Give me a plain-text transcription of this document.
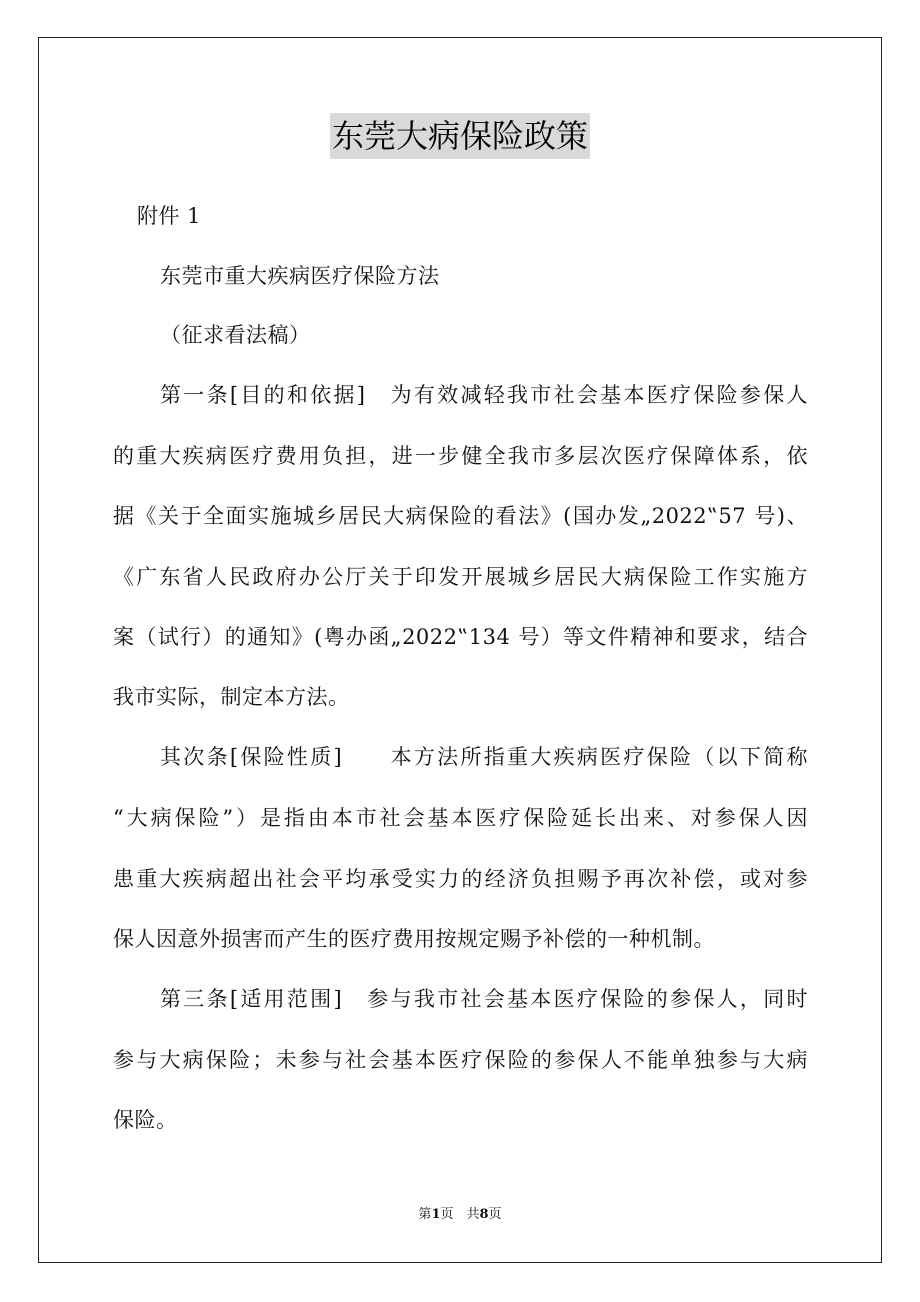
东莞大病保险政策
附件 1
东莞市重大疾病医疗保险方法
（征求看法稿）
第一条[目的和依据]　为有效减轻我市社会基本医疗保险参保人
的重大疾病医疗费用负担，进一步健全我市多层次医疗保障体系，依
据《关于全面实施城乡居民大病保险的看法》(国办发„2022‟57 号)、
《广东省人民政府办公厅关于印发开展城乡居民大病保险工作实施方
案（试行）的通知》(粤办函„2022‟134 号）等文件精神和要求，结合
我市实际，制定本方法。
其次条[保险性质]　　本方法所指重大疾病医疗保险（以下简称
“大病保险”）是指由本市社会基本医疗保险延长出来、对参保人因
患重大疾病超出社会平均承受实力的经济负担赐予再次补偿，或对参
保人因意外损害而产生的医疗费用按规定赐予补偿的一种机制。
第三条[适用范围]　参与我市社会基本医疗保险的参保人，同时
参与大病保险；未参与社会基本医疗保险的参保人不能单独参与大病
保险。
第1页　共8页
